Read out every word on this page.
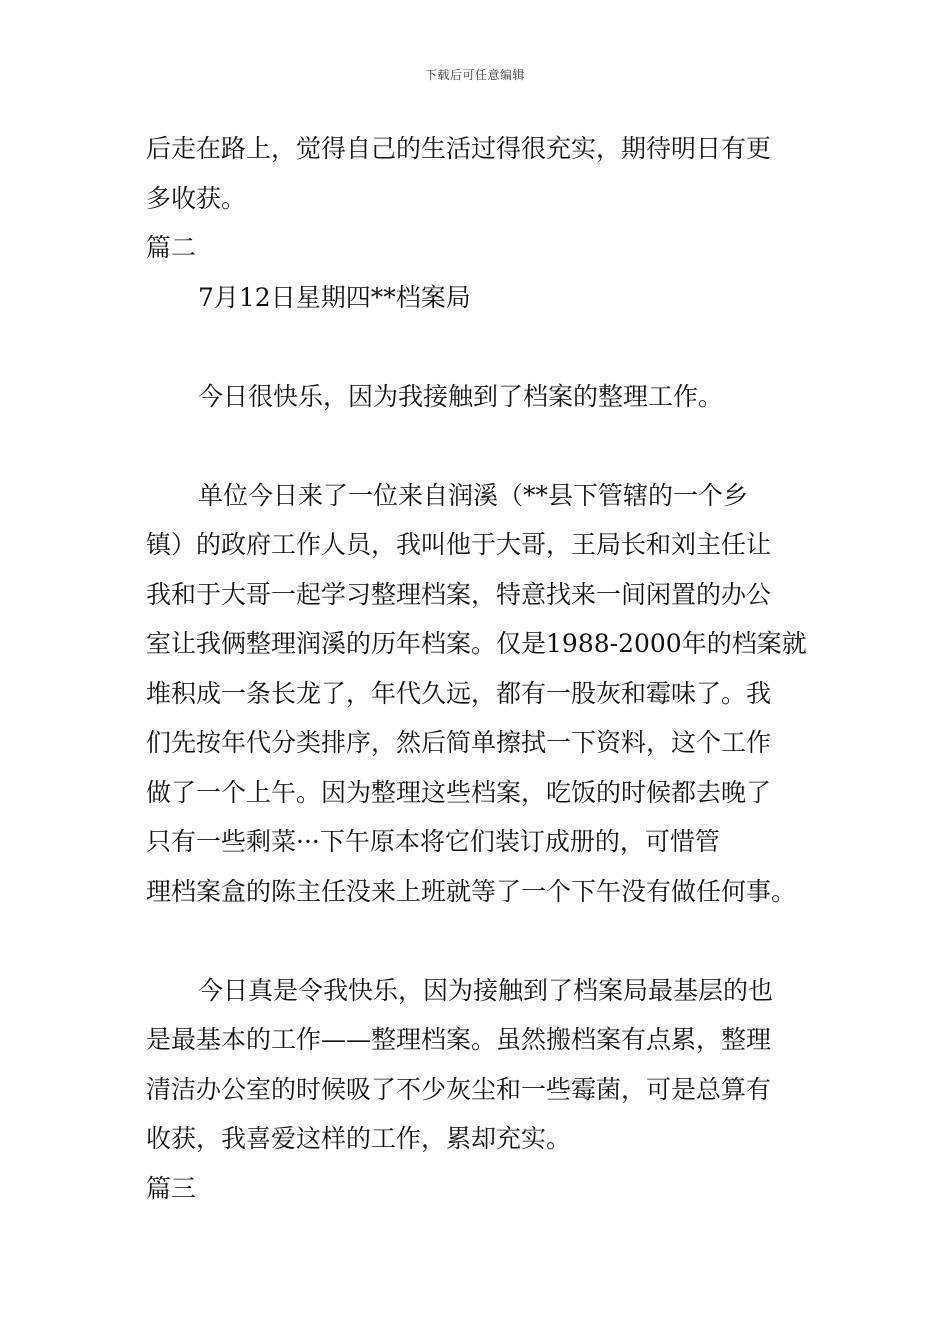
下载后可任意编辑
后走在路上，觉得自己的生活过得很充实，期待明日有更
多收获。
篇二
7月12日星期四**档案局
今日很快乐，因为我接触到了档案的整理工作。
单位今日来了一位来自润溪（**县下管辖的一个乡
镇）的政府工作人员，我叫他于大哥，王局长和刘主任让
我和于大哥一起学习整理档案，特意找来一间闲置的办公
室让我俩整理润溪的历年档案。仅是1988-2000年的档案就
堆积成一条长龙了，年代久远，都有一股灰和霉味了。我
们先按年代分类排序，然后简单擦拭一下资料，这个工作
做了一个上午。因为整理这些档案，吃饭的时候都去晚了
只有一些剩菜···下午原本将它们装订成册的，可惜管
理档案盒的陈主任没来上班就等了一个下午没有做任何事。
今日真是令我快乐，因为接触到了档案局最基层的也
是最基本的工作——整理档案。虽然搬档案有点累，整理
清洁办公室的时候吸了不少灰尘和一些霉菌，可是总算有
收获，我喜爱这样的工作，累却充实。
篇三
